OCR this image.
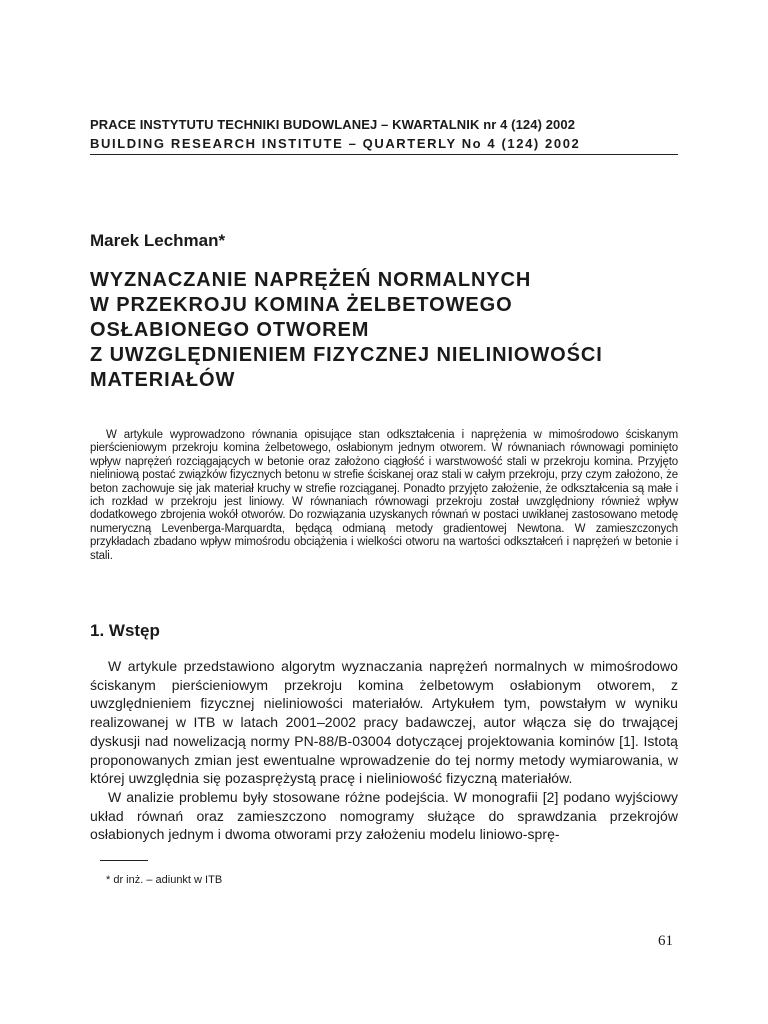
PRACE INSTYTUTU TECHNIKI BUDOWLANEJ – KWARTALNIK nr 4 (124) 2002
BUILDING RESEARCH INSTITUTE – QUARTERLY No 4 (124) 2002
Marek Lechman*
WYZNACZANIE NAPRĘŻEŃ NORMALNYCH
W PRZEKROJU KOMINA ŻELBETOWEGO
OSŁABIONEGO OTWOREM
Z UWZGLĘDNIENIEM FIZYCZNEJ NIELINIOWOŚCI
MATERIAŁÓW

W artykule wyprowadzono równania opisujące stan odkształcenia i naprężenia w mimośrodowo ściskanym pierścieniowym przekroju komina żelbetowego, osłabionym jednym otworem. W równaniach równowagi pominięto wpływ naprężeń rozciągających w betonie oraz założono ciągłość i warstwowość stali w przekroju komina. Przyjęto nieliniową postać związków fizycznych betonu w strefie ściskanej oraz stali w całym przekroju, przy czym założono, że beton zachowuje się jak materiał kruchy w strefie rozciąganej. Ponadto przyjęto założenie, że odkształcenia są małe i ich rozkład w przekroju jest liniowy. W równaniach równowagi przekroju został uwzględniony również wpływ dodatkowego zbrojenia wokół otworów. Do rozwiązania uzyskanych równań w postaci uwikłanej zastosowano metodę numeryczną Levenberga-Marquardta, będącą odmianą metody gradientowej Newtona. W zamieszczonych przykładach zbadano wpływ mimośrodu obciążenia i wielkości otworu na wartości odkształceń i naprężeń w betonie i stali.

1. Wstęp

W artykule przedstawiono algorytm wyznaczania naprężeń normalnych w mimośrodowo ściskanym pierścieniowym przekroju komina żelbetowym osłabionym otworem, z uwzględnieniem fizycznej nieliniowości materiałów. Artykułem tym, powstałym w wyniku realizowanej w ITB w latach 2001–2002 pracy badawczej, autor włącza się do trwającej dyskusji nad nowelizacją normy PN-88/B-03004 dotyczącej projektowania kominów [1]. Istotą proponowanych zmian jest ewentualne wprowadzenie do tej normy metody wymiarowania, w której uwzględnia się pozasprężystą pracę i nieliniowość fizyczną materiałów.

W analizie problemu były stosowane różne podejścia. W monografii [2] podano wyjściowy układ równań oraz zamieszczono nomogramy służące do sprawdzania przekrojów osłabionych jednym i dwoma otworami przy założeniu modelu liniowo-sprę-

* dr inż. – adiunkt w ITB
61
